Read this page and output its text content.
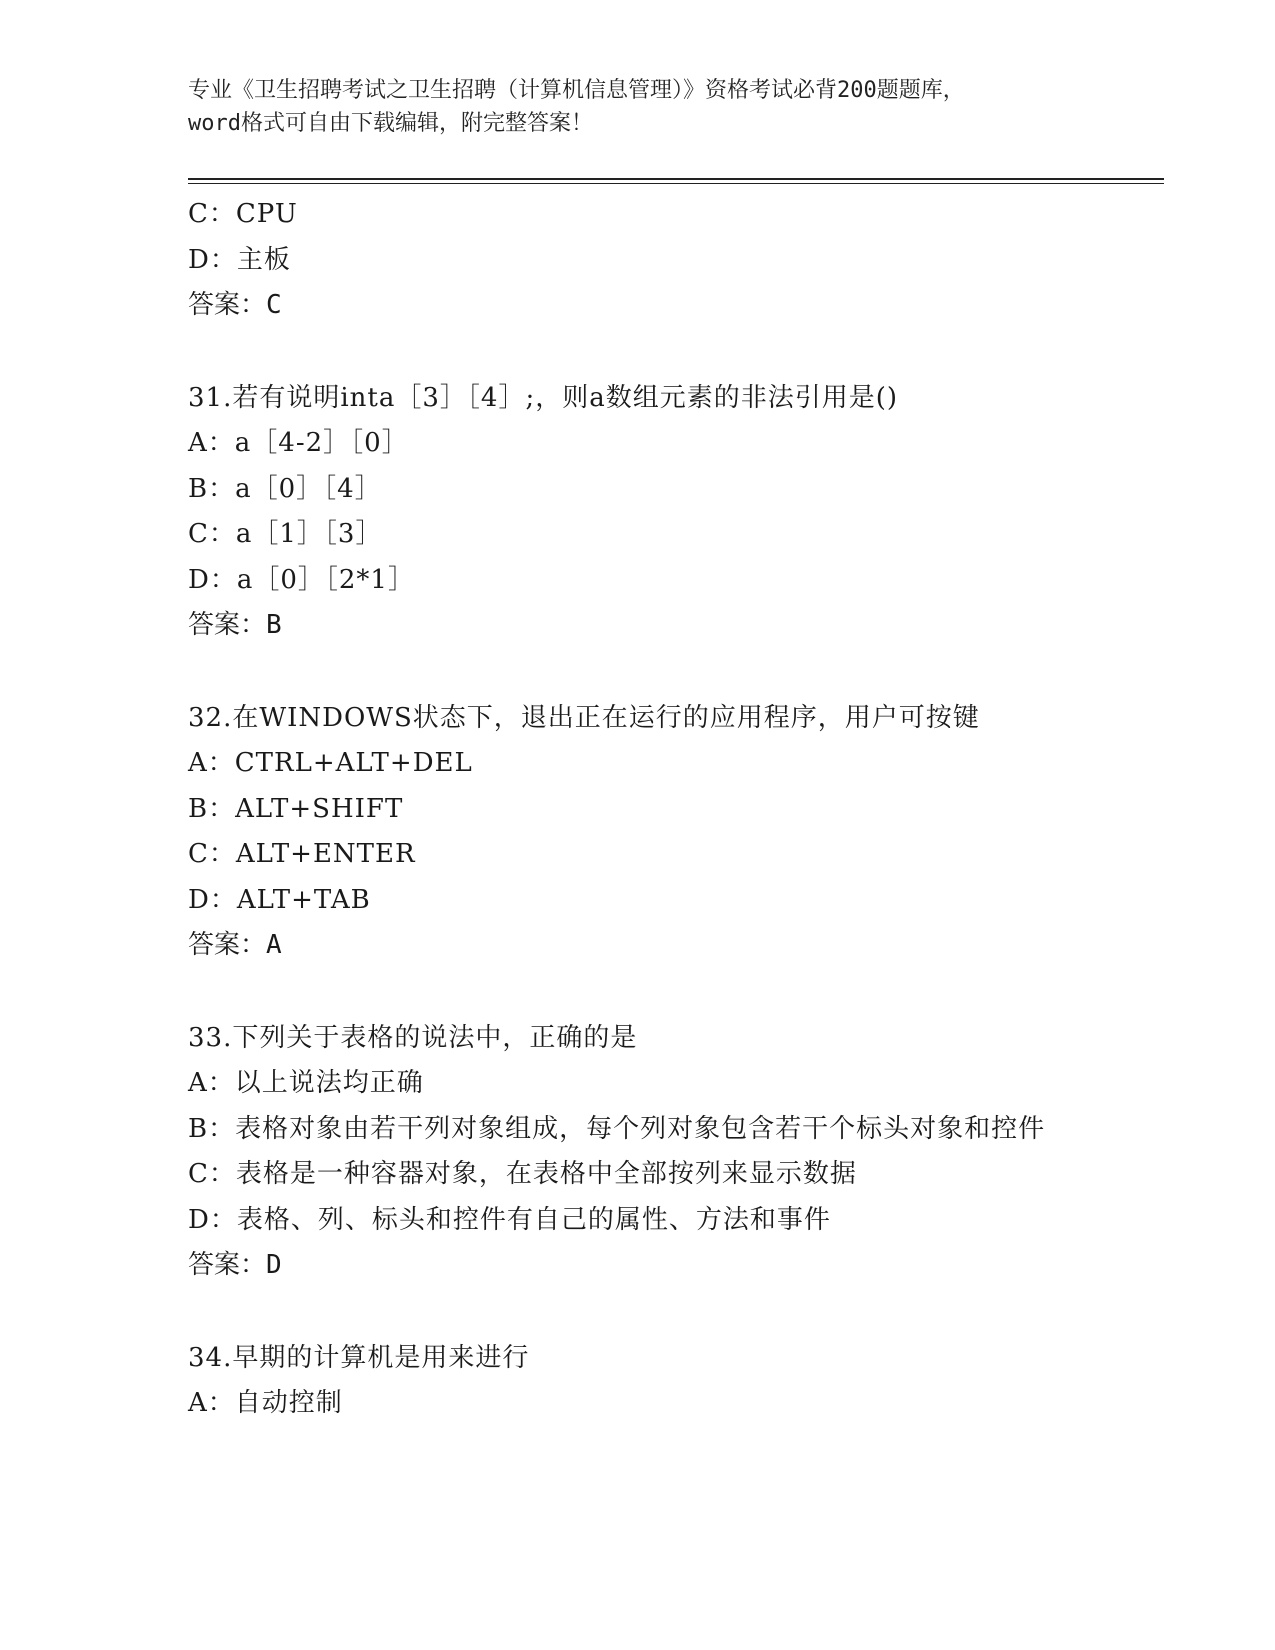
专业《卫生招聘考试之卫生招聘（计算机信息管理）》资格考试必背200题题库，
word格式可自由下载编辑，附完整答案！
C：CPU
D：主板
答案：C
31.若有说明inta［3］［4］;，则a数组元素的非法引用是()
A：a［4-2］［0］
B：a［0］［4］
C：a［1］［3］
D：a［0］［2*1］
答案：B
32.在WINDOWS状态下，退出正在运行的应用程序，用户可按键
A：CTRL+ALT+DEL
B：ALT+SHIFT
C：ALT+ENTER
D：ALT+TAB
答案：A
33.下列关于表格的说法中，正确的是
A：以上说法均正确
B：表格对象由若干列对象组成，每个列对象包含若干个标头对象和控件
C：表格是一种容器对象，在表格中全部按列来显示数据
D：表格、列、标头和控件有自己的属性、方法和事件
答案：D
34.早期的计算机是用来进行
A：自动控制
